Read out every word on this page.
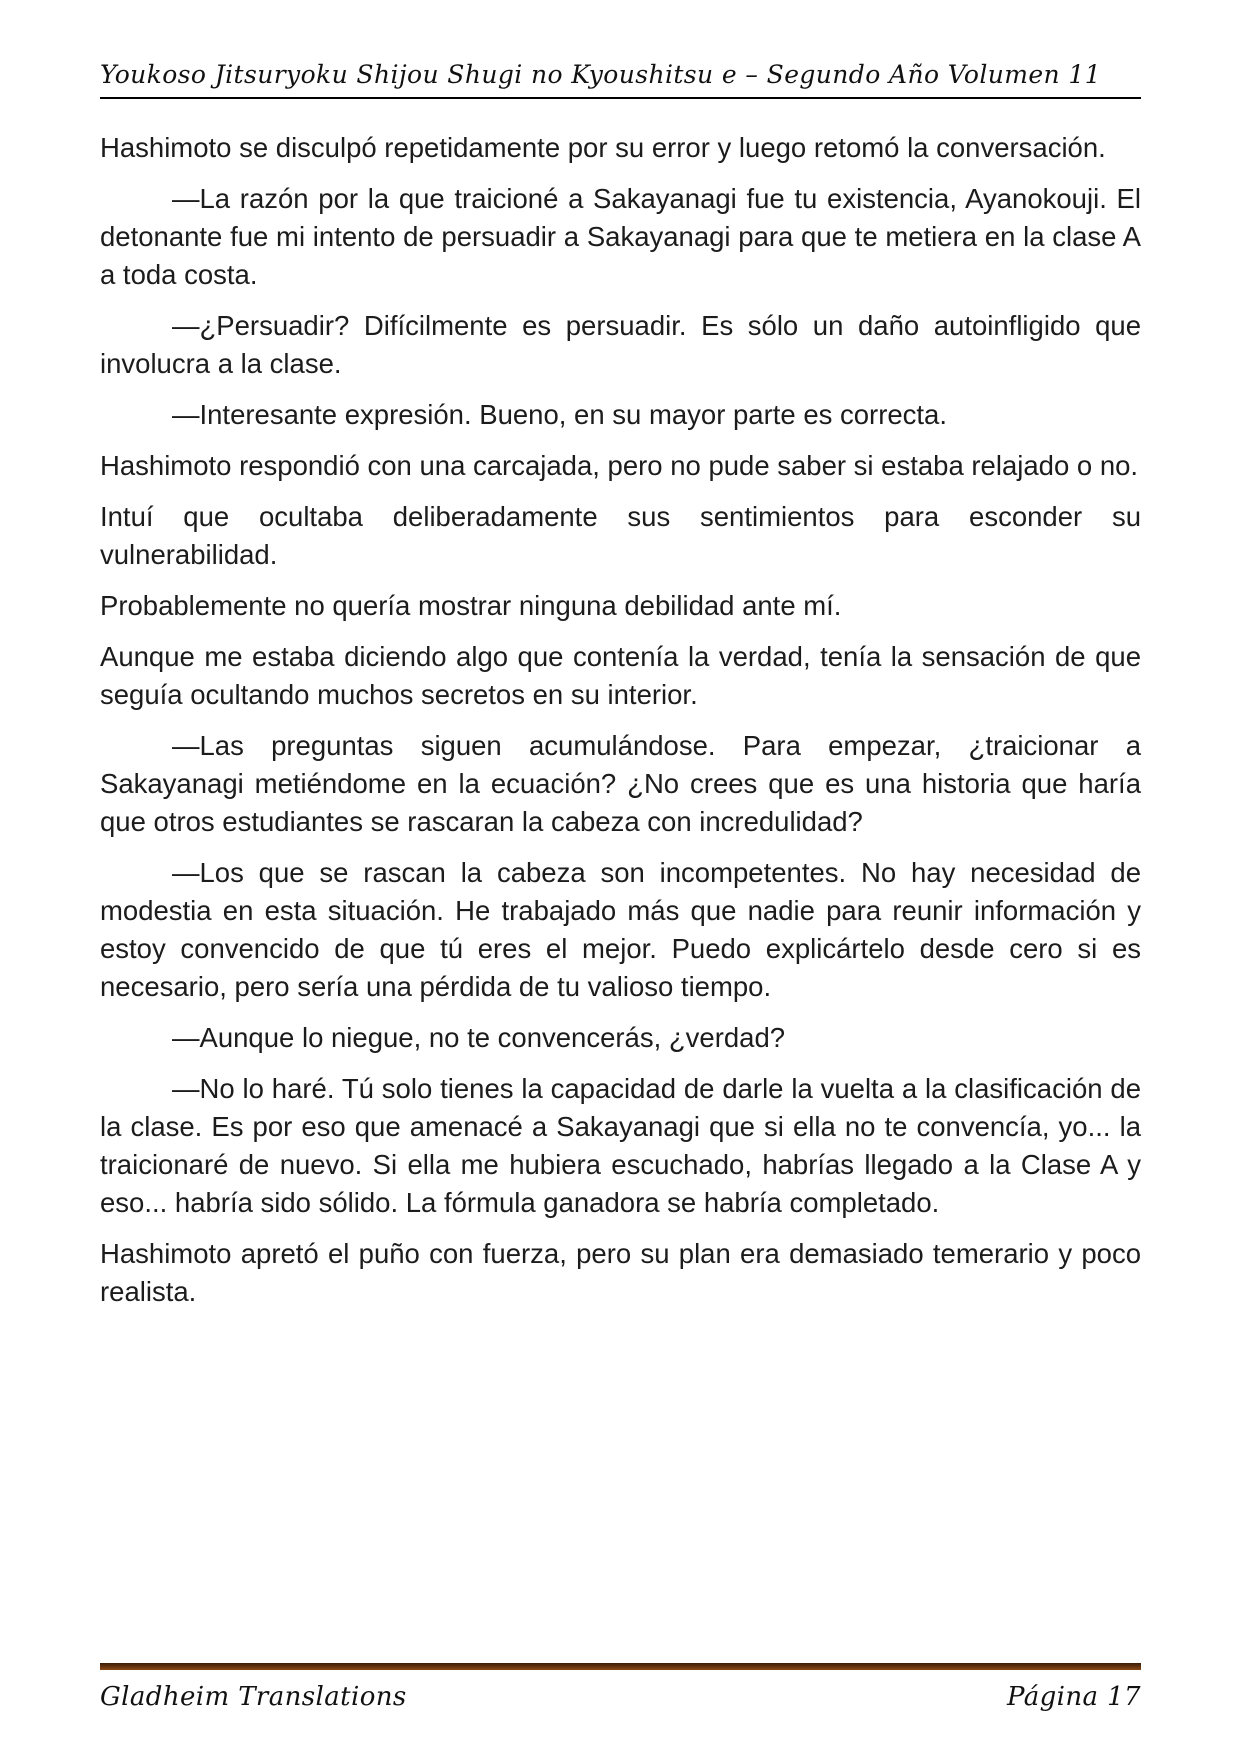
Youkoso Jitsuryoku Shijou Shugi no Kyoushitsu e – Segundo Año Volumen 11

Hashimoto se disculpó repetidamente por su error y luego retomó la conversación.

—La razón por la que traicioné a Sakayanagi fue tu existencia, Ayanokouji. El detonante fue mi intento de persuadir a Sakayanagi para que te metiera en la clase A a toda costa.

—¿Persuadir? Difícilmente es persuadir. Es sólo un daño autoinfligido que involucra a la clase.

—Interesante expresión. Bueno, en su mayor parte es correcta.

Hashimoto respondió con una carcajada, pero no pude saber si estaba relajado o no.

Intuí que ocultaba deliberadamente sus sentimientos para esconder su vulnerabilidad.

Probablemente no quería mostrar ninguna debilidad ante mí.

Aunque me estaba diciendo algo que contenía la verdad, tenía la sensación de que seguía ocultando muchos secretos en su interior.

—Las preguntas siguen acumulándose. Para empezar, ¿traicionar a Sakayanagi metiéndome en la ecuación? ¿No crees que es una historia que haría que otros estudiantes se rascaran la cabeza con incredulidad?

—Los que se rascan la cabeza son incompetentes. No hay necesidad de modestia en esta situación. He trabajado más que nadie para reunir información y estoy convencido de que tú eres el mejor. Puedo explicártelo desde cero si es necesario, pero sería una pérdida de tu valioso tiempo.

—Aunque lo niegue, no te convencerás, ¿verdad?

—No lo haré. Tú solo tienes la capacidad de darle la vuelta a la clasificación de la clase. Es por eso que amenacé a Sakayanagi que si ella no te convencía, yo... la traicionaré de nuevo. Si ella me hubiera escuchado, habrías llegado a la Clase A y eso... habría sido sólido. La fórmula ganadora se habría completado.

Hashimoto apretó el puño con fuerza, pero su plan era demasiado temerario y poco realista.

Gladheim Translations	Página 17
